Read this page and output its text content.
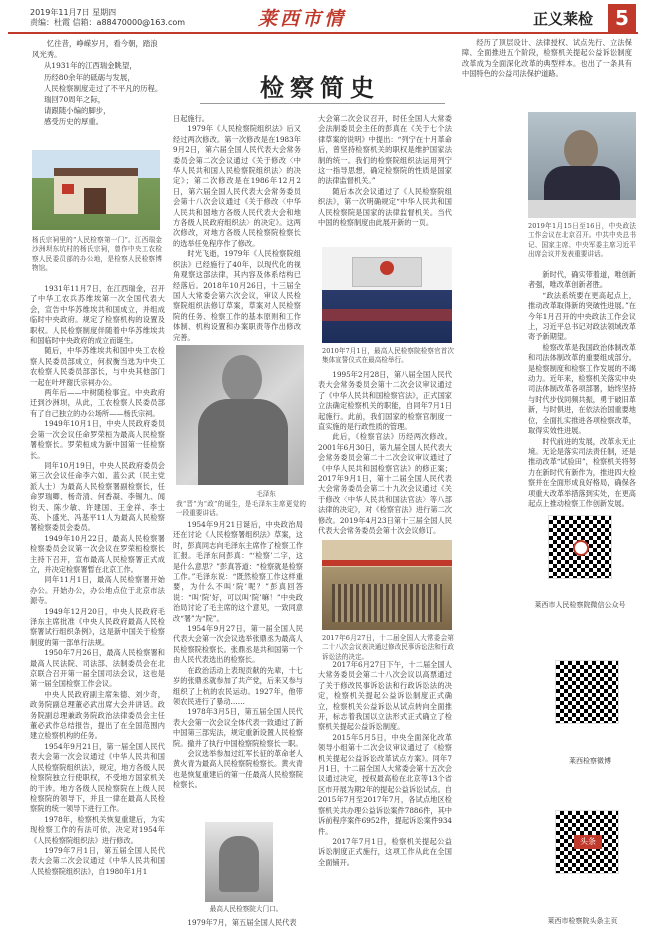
2019年11月7日 星期四
责编：杜霞 信箱：a88470000@163.com	莱西市情	正义莱检	5
忆往昔，峥嵘岁月，看今朝，踏浪
风光秀。
从1931年的江西瑞金眺望，
历经80余年的砥砺与发展，
人民检察制度走过了不平凡的历程。
瑞回70周年之际，
请跟随小编的脚步，
感受历史的厚重。
检察简史
杨氏宗祠里的“人民检察第一门”。江西瑞金沙洲坝东坑村的杨氏宗祠，曾作中央工农检察人民委员部的办公地，是检察人民检察博物馆。

1931年11月7日，在江西瑞金，召开了中华工农兵苏维埃第一次全国代表大会，宣告中华苏维埃共和国成立，并组成临时中央政府。规定了检察机构的设置及职权。人民检察制度伴随着中华苏维埃共和国临时中央政府的成立而诞生。

随后，中华苏维埃共和国中央工农检察人民委员部成立，何叔衡当选为中央工农检察人民委员部部长，与中央其他部门一起在叶坪谢氏宗祠办公。

两年后——中树随检事宜。中央政府迁到沙洲坝，从此，工农检察人民委员部有了自己独立的办公场所——杨氏宗祠。

1949年10月1日，中央人民政府委员会第一次会议任命罗荣桓为最高人民检察署检察长。罗荣桓成为新中国第一任检察长。

同年10月19日，中央人民政府委员会第三次会议任命李六如、蓝公武（民主党派人士）为最高人民检察署副检察长，任命罗瑞卿、杨奇清、何香凝、李锡九、闻钧天、陈少敏、许建国、王金祥、李士英、卜盛光、冯基平11人为最高人民检察署检察委员会委员。

1949年10月22日，最高人民检察署检察委员会议第一次会议在罗荣桓检察长主持下召开，宣布最高人民检察署正式成立，并决定检察署暂在北京工作。

同年11月1日，最高人民检察署开始办公。开始办公，办公地点位于北京市法源寺。

1949年12月20日，中央人民政府毛泽东主席批准《中央人民政府最高人民检察署试行组织条例》，这是新中国关于检察制度的第一部单行法规。

1950年7月26日，最高人民检察署和最高人民法院、司法部、法制委员会在北京联合召开第一届全国司法会议，这也是第一届全国检察工作会议。

中央人民政府副主席朱德、刘少奇，政务院副总理董必武出席大会并讲话。政务院副总理兼政务院政治法律委员会主任董必武作总结报告，提出了在全国范围内建立检察机构的任务。

1954年9月21日，第一届全国人民代表大会第一次会议通过《中华人民共和国人民检察院组织法》，规定，地方各级人民检察院独立行使职权，不受地方国家机关的干涉。地方各级人民检察院在上级人民检察院的领导下，并且一律在最高人民检察院的统一领导下进行工作。

1978年，检察机关恢复重建后，为实现检察工作的有法可依，决定对1954年《人民检察院组织法》进行修改。

1979年7月1日，第五届全国人民代表大会第二次会议通过《中华人民共和国人民检察院组织法》，自1980年1月1

日起施行。

1979年《人民检察院组织法》后又经过两次修改。第一次修改是在1983年9月2日，第六届全国人民代表大会常务委员会第二次会议通过《关于修改〈中华人民共和国人民检察院组织法〉的决定》；第二次修改是在1986年12月2日，第六届全国人民代表大会常务委员会第十八次会议通过《关于修改〈中华人民共和国地方各级人民代表大会和地方各级人民政府组织法〉的决定》。这两次修改，对地方各级人民检察院检察长的选举任免程序作了修改。

时光飞逝，1979年《人民检察院组织法》已经施行了40年，以现代化的视角观察这部法律，其内容及体系结构已经落后。2018年10月26日，十三届全国人大常委会第六次会议，审议人民检察院组织法修订草案，草案对人民检察院的任务、检察工作的基本原则和工作体制、机构设置和办案职责等作出修改完善。

毛泽东
我“晋”为“政”的诞生，是毛泽东主席更觉的一段重要讲话。

1954年9月21日诞后，中央政治局还在讨论《人民检察署组织法》草案，这时，彭真同志向毛泽东主席作了检察工作汇报。毛泽东问彭真：“‘检察’二字，这是什么意思？”彭真答道：“检察就是检察工作。”毛泽东说：“既然检察工作这样重要，为什么不叫‘院’呢？”彭真回答说：“叫‘院’好，可以叫‘院’嘛！”中央政治局讨论了毛主席的这个意见，一致同意改“署”为“院”。

1954年9月27日，第一届全国人民代表大会第一次会议选举张鼎丞为最高人民检察院检察长。张鼎丞是共和国第一个由人民代表选出的检察长。

在政治活动上表现贡献的先辈，十七岁的张鼎丞就参加了共产党，后来又参与组织了上杭的农民运动。1927年，他带领农民进行了暴动……

1978年3月5日，第五届全国人民代表大会第一次会议全体代表一致通过了新中国第三部宪法，规定重新设置人民检察院。撤并了执行中国检察院检察长一职。

会议选举参加过红军长征的革命老人黄火青为最高人民检察院检察长。黄火青也是恢复重建后的第一任最高人民检察院检察长。

最高人民检察院大门口。

1979年7月，第五届全国人民代表

大会第二次会议召开，时任全国人大常委会法制委员会主任的彭真在《关于七个法律草案的说明》中提出：“列宁在十月革命后，曾坚持检察机关的职权是维护国家法制的统一。我们的检察院组织法运用列宁这一指导思想，确定检察院的性质是国家的法律监督机关。”

随后本次会议通过了《人民检察院组织法》，第一次明确规定“中华人民共和国人民检察院是国家的法律监督机关。当代中国的检察制度由此展开新的一页。

2010年7月1日，最高人民检察院检察官首次集体宣誓仪式在最高检举行。

1995年2月28日，第八届全国人民代表大会常务委员会第十二次会议审议通过了《中华人民共和国检察官法》，正式国家立法确定检察机关的职能，自同年7月1日起施行。此前，我们国家的检察官制度一直实施的是行政性质的管理。

此后，《检察官法》历经两次修改。2001年6月30日，第九届全国人民代表大会常务委员会第二十二次会议审议通过了《中华人民共和国检察官法》的修正案；2017年9月1日，第十二届全国人民代表大会常务委员会第二十九次会议通过《关于修改〈中华人民共和国法官法〉等八部法律的决定》，对《检察官法》进行第二次修改。2019年4月23日第十三届全国人民代表大会常务委员会第十次会议修订。

2017年6月27日，十二届全国人大常委会第二十八次会议表决通过修改民事诉讼法和行政诉讼法的决定。

2017年6月27日下午，十二届全国人大常务委员会第二十八次会议以高票通过了关于修改民事诉讼法和行政诉讼法的决定，检察机关提起公益诉讼制度正式确立，检察机关公益诉讼从试点转向全面推开，标志着我国以立法形式正式确立了检察机关提起公益诉讼制度。

2015年5月5日，中央全面深化改革领导小组第十二次会议审议通过了《检察机关提起公益诉讼改革试点方案》。同年7月1日，十二届全国人大常委会第十五次会议通过决定，授权最高检在北京等13个省区市开展为期2年的提起公益诉讼试点。自2015年7月至2017年7月，各试点地区检察机关共办理公益诉讼案件7886件，其中诉前程序案件6952件，提起诉讼案件934件。

2017年7月1日，检察机关提起公益诉讼制度正式施行，这项工作从此在全国全面铺开。

经历了顶层设计、法律授权、试点先行、立法保障、全面推进五个阶段，检察机关提起公益诉讼制度改革成为全面深化改革的典型样本。也出了一条具有中国特色的公益司法保护道路。

2019年1月15日至16日，中央政法工作会议在北京召开。中共中央总书记、国家主席、中央军委主席习近平出席会议并发表重要讲话。

新时代，确实带着道，唯创新者强，唯改革创新者胜。

“政法系统要在更高起点上，推动改革取得新的突破性进展。”在今年1月召开的中央政法工作会议上，习近平总书记对政法领域改革寄予新期望。

检察改革是我国政治体制改革和司法体制改革的重要组成部分。是检察制度和检察工作发展的不竭动力。近年来，检察机关落实中央司法体制改革各项部署，始终坚持与时代步伐同频共振，勇于破旧革新，与时俱进，在依法治国重要地位，全面扎实推进各项检察改革，取得实效性进展。

时代前进的发展，改革永无止境。无论是落实司法责任制，还是推动改革“试验田”，检察机关将努力在新时代有新作为，推进四大检察并在全面形成良好格局，确保各项重大改革举措落到实处，在更高起点上推动检察工作创新发展。

莱西市人民检察院微信公众号
莱西检察微博
头条
莱西市检察院头条主页
